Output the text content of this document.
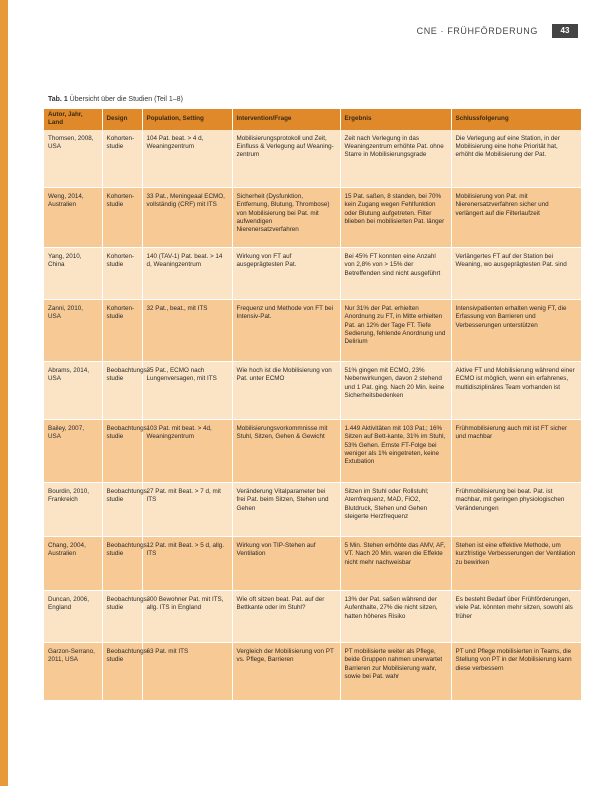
CNE · FRÜHFÖRDERUNG	43
Tab. 1 Übersicht über die Studien (Teil 1–8)
Autor, Jahr, Land	Design	Population, Setting	Intervention/Frage	Ergebnis	Schlussfolgerung
Thomsen, 2008, USA	Kohorten-studie	104 Pat. beat. > 4 d, Weaningzentrum	Mobilisierungsprotokoll und Zeit, Einfluss & Verlegung auf Weaning-zentrum	Zeit nach Verlegung in das Weaningzentrum erhöhte Pat. ohne Starre in Mobilisierungsgrade	Die Verlegung auf eine Station, in der Mobilisierung eine hohe Priorität hat, erhöht die Mobilisierung der Pat.
Weng, 2014, Australien	Kohorten-studie	33 Pat., Meningeaal ECMO, vollständig (CRF) mit ITS	Sicherheit (Dysfunktion, Entfernung, Blutung, Thrombose) von Mobilisierung bei Pat. mit aufwendigen Nierenersatzverfahren	15 Pat. saßen, 8 standen, bei 70% kein Zugang wegen Fehlfunktion oder Blutung aufgetreten. Filter blieben bei mobilisierten Pat. länger	Mobilisierung von Pat. mit Nierenersatzverfahren sicher und verlängert auf die Filterlaufzeit
Yang, 2010, China	Kohorten-studie	140 (TAV-1) Pat. beat. > 14 d, Weaningzentrum	Wirkung von FT auf ausgeprägtesten Pat.	Bei 45% FT konnten eine Anzahl von 2,8% von > 15% der Betreffenden sind nicht ausgeführt	Verlängertes FT auf der Station bei Weaning, wo ausgeprägtesten Pat. sind
Zanni, 2010, USA	Kohorten-studie	32 Pat., beat., mit ITS	Frequenz und Methode von FT bei Intensiv-Pat.	Nur 31% der Pat. erhielten Anordnung zu FT, in Mitte erhielten Pat. an 12% der Tage FT. Tiefe Sedierung, fehlende Anordnung und Delirium	Intensivpatienten erhalten wenig FT, die Erfassung von Barrieren und Verbesserungen unterstützen
Abrams, 2014, USA	Beobachtungs-studie	35 Pat., ECMO nach Lungenversagen, mit ITS	Wie hoch ist die Mobilisierung von Pat. unter ECMO	51% gingen mit ECMO, 23% Nebenwirkungen, davon 2 stehend und 1 Pat. ging. Nach 20 Min. keine Sicherheitsbedenken	Aktive FT und Mobilisierung während einer ECMO ist möglich, wenn ein erfahrenes, multidisziplinäres Team vorhanden ist
Bailey, 2007, USA	Beobachtungs-studie	103 Pat. mit beat. > 4d, Weaningzentrum	Mobilisierungsvorkommnisse mit Stuhl, Sitzen, Gehen & Gewicht	1.449 Aktivitäten mit 103 Pat.; 16% Sitzen auf Bett-kante, 31% im Stuhl, 53% Gehen. Ernste FT-Folge bei weniger als 1% eingetreten, keine Extubation	Frühmobilisierung auch mit ist FT sicher und machbar
Bourdin, 2010, Frankreich	Beobachtungs-studie	27 Pat. mit Beat. > 7 d, mit ITS	Veränderung Vitalparameter bei frei Pat. beim Sitzen, Stehen und Gehen	Sitzen im Stuhl oder Rollstuhl; Atemfrequenz, MAD, FiO2, Blutdruck, Stehen und Gehen steigerte Herzfrequenz	Frühmobilisierung bei beat. Pat. ist machbar, mit geringen physiologischen Veränderungen
Chang, 2004, Australien	Beobachtungs-studie	12 Pat. mit Beat. > 5 d, allg. ITS	Wirkung von TIP-Stehen auf Ventilation	5 Min. Stehen erhöhte das AMV, AF, VT. Nach 20 Min. waren die Effekte nicht mehr nachweisbar	Stehen ist eine effektive Methode, um kurzfristige Verbesserungen der Ventilation zu bewirken
Duncan, 2006, England	Beobachtungs-studie	300 Bewohner Pat. mit ITS, allg. ITS in England	Wie oft sitzen beat. Pat. auf der Bettkante oder im Stuhl?	13% der Pat. saßen während der Aufenthalte, 27% die nicht sitzen, hatten höheres Risiko	Es besteht Bedarf über Frühförderungen, viele Pat. könnten mehr sitzen, sowohl als früher
Garzon-Serrano, 2011, USA	Beobachtungs-studie	63 Pat. mit ITS	Vergleich der Mobilisierung von PT vs. Pflege, Barrieren	PT mobilisierte weiter als Pflege, beide Gruppen nahmen unerwartet Barrieren zur Mobilisierung wahr, sowie bei Pat. wahr	PT und Pflege mobilisierten in Teams, die Stellung von PT in der Mobilisierung kann diese verbessern
